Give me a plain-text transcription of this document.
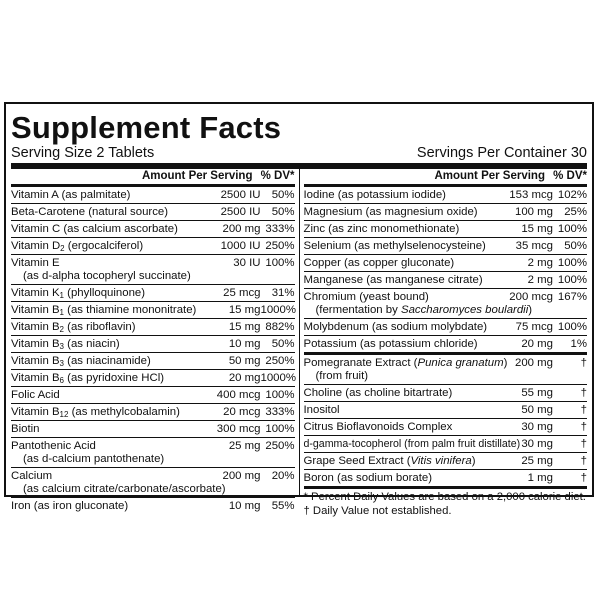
Supplement Facts
Serving Size 2 Tablets	Servings Per Container 30
Amount Per Serving % DV*
Vitamin A (as palmitate)	2500 IU 50%
Beta-Carotene (natural source)	2500 IU 50%
Vitamin C (as calcium ascorbate)	200 mg 333%
Vitamin $D_2$ (ergocalciferol)	1000 IU 250%
Vitamin E	30 IU 100%
(as d-alpha tocopheryl succinate)
Vitamin $K_1$ (phylloquinone)	25 mcg 31%
Vitamin $B_1$ (as thiamine mononitrate)	15 mg 1000%
Vitamin $B_2$ (as riboflavin)	15 mg 882%
Vitamin $B_3$ (as niacin)	10 mg 50%
Vitamin $B_3$ (as niacinamide)	50 mg 250%
Vitamin $B_6$ (as pyridoxine HCl)	20 mg 1000%
Folic Acid	400 mcg 100%
Vitamin $B_{12}$ (as methylcobalamin)	20 mcg 333%
Biotin	300 mcg 100%
Pantothenic Acid	25 mg 250%
(as d-calcium pantothenate)
Calcium	200 mg 20%
(as calcium citrate/carbonate/ascorbate)
Iron (as iron gluconate)	10 mg 55%
Amount Per Serving % DV*
Iodine (as potassium iodide)	153 mcg 102%
Magnesium (as magnesium oxide)	100 mg 25%
Zinc (as zinc monomethionate)	15 mg 100%
Selenium (as methylselenocysteine)	35 mcg 50%
Copper (as copper gluconate)	2 mg 100%
Manganese (as manganese citrate)	2 mg 100%
Chromium (yeast bound)	200 mcg 167%
(fermentation by Saccharomyces boulardii)
Molybdenum (as sodium molybdate)	75 mcg 100%
Potassium (as potassium chloride)	20 mg	1%
Pomegranate Extract (Punica granatum) 200 mg	†
(from fruit)
Choline (as choline bitartrate)	55 mg	†
Inositol	50 mg	†
Citrus Bioflavonoids Complex	30 mg	†
d-gamma-tocopherol (from palm fruit distillate) 30 mg	†
Grape Seed Extract (Vitis vinifera)	25 mg	†
Boron (as sodium borate)	1 mg	†
* Percent Daily Values are based on a 2,000 calorie diet.
† Daily Value not established.
